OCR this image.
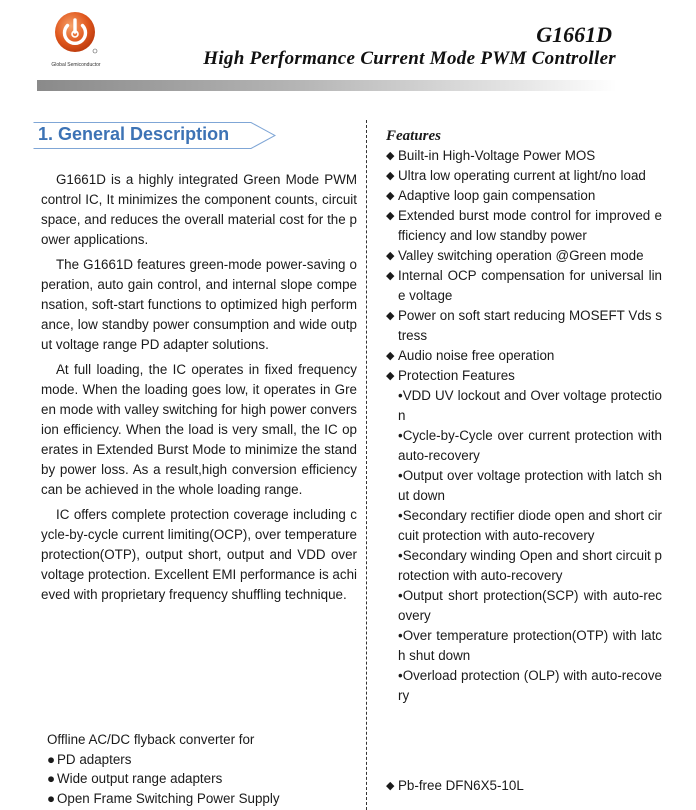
Global Semiconductor
G1661D
High Performance Current Mode PWM Controller
1. General Description

G1661D is a highly integrated Green Mode PWM control IC, It minimizes the component counts, circuit space, and reduces the overall material cost for the power applications.

The G1661D features green-mode power-saving operation, auto gain control, and internal slope compensation, soft-start functions to optimized high performance, low standby power consumption and wide output voltage range PD adapter solutions.

At full loading, the IC operates in fixed frequency mode. When the loading goes low, it operates in Green mode with valley switching for high power conversion efficiency. When the load is very small, the IC operates in Extended Burst Mode to minimize the standby power loss. As a result,high conversion efficiency can be achieved in the whole loading range.

IC offers complete protection coverage including cycle-by-cycle current limiting(OCP), over temperature protection(OTP), output short, output and VDD over voltage protection. Excellent EMI performance is achieved with proprietary frequency shuffling technique.

Offline AC/DC flyback converter for
● PD adapters
● Wide output range adapters
● Open Frame Switching Power Supply
Features
◆ Built-in High-Voltage Power MOS
◆ Ultra low operating current at light/no load
◆ Adaptive loop gain compensation
◆ Extended burst mode control for improved efficiency and low standby power
◆ Valley switching operation @Green mode
◆ Internal OCP compensation for universal line voltage
◆ Power on soft start reducing MOSEFT Vds stress
◆ Audio noise free operation
◆ Protection Features
•VDD UV lockout and Over voltage protection
•Cycle-by-Cycle over current protection with auto-recovery
•Output over voltage protection with latch shut down
•Secondary rectifier diode open and short circuit protection with auto-recovery
•Secondary winding Open and short circuit protection with auto-recovery
•Output short protection(SCP) with auto-recovery
•Over temperature protection(OTP) with latch shut down
•Overload protection (OLP) with auto-recovery
◆ Pb-free DFN6X5-10L
